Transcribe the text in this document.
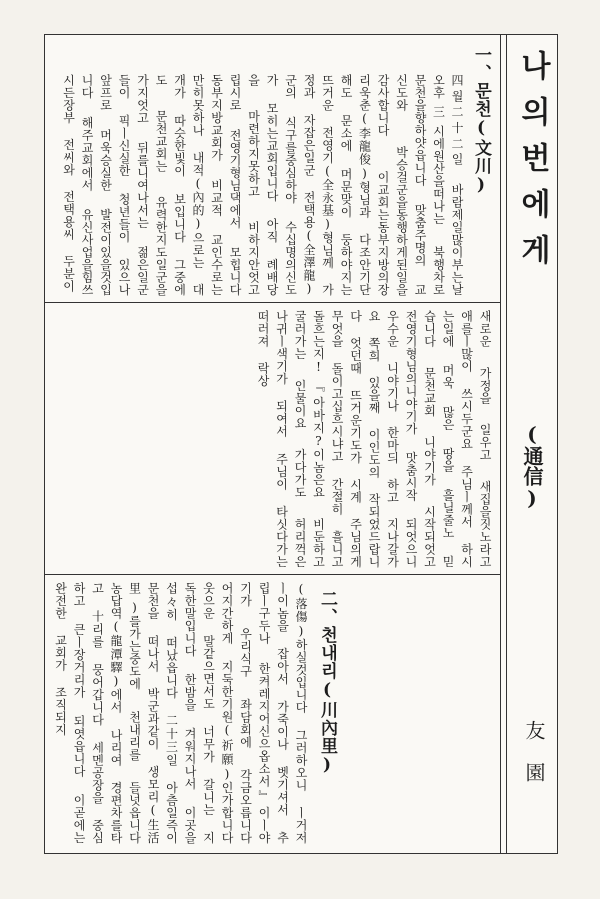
나의번에게
(通信)
友園
一、문천(文川)
四월二十二일 바람제일많이부는날 오후三시에원산을떠나는 북행차로 문천을향하얏읍니다 맞춤주명의 교신도와 박승걸군을동행하게된일을 감사합니다 이교회는동부지방의장 리욱춘(李龍俊)형님과 다조안기단해도 문소에 머문맞이 둥하야지는 뜨거운 전영기(全永基)형님께 가정과 자잡은일군 전택용(全澤龍)군의 식구를중심하야 수십명의신도가 모히는교회입니다 아직 례배당을 마련하지못하고 비하지안엇고 립시로 전영기형님댁에서 모힙니다 동부지방교회가 비교적 교인수로는 만히못하나 내적(內的)으로는 대개가 따슷한빛이 보입니다 그중에도 문천교회는 유력한지도일군을 가지엇고 뒤를니여나서는 젊은일군들이 픽ㅣ신실한 청년들이 있으나 앞프로 머욱승실한 발전이있을것입니다 해주교회에서 유신사업을힘쓰시든장부 전씨와 전택용씨 두분이
새로운 가정을 일우고 새집을짓노라고 애를ㅣ많이 쓰시두군요 주님ㅣ께서 하시는일에 머욱 많은 땅을 흘닐줄노 믿습니다 문천교회 니야기가 시작되엇고 전영기형님의니야기가 맛춤시작 되엇으니 우수운 니야기나 한마듸 하고 지나갈가요 쪽희 있을째 이인도의 작되었드랍니다 엇던때 뜨거운기도가 시계 주님의게 무엇을 돌이고십흐시냐고 간절히 흘니고 돌흐는지!『아바지?이놈은요 비둔하고 굴러가는 인물이요 가다가도 허리꺽은 나귀ㅣ색기가 되여서 주님이 타싯다가는 떠러져 락상
二、천내리(川內里)
(落傷)하실것입니다 그러하오니 ㅣ거저ㅣ이놈을 잡아서 가죽이나 벳기셔서 추립ㅣ구두나 한켜레지어신으옵소서』이ㅣ야기가 우리식구 좌담회에 각금오릅니다 어지간하게 지둑한기원(祈願)인가합니다 웃으운 말같으면서도 너무가 갈니는 지독한말입니다 한밤을 겨워지나서 이곳을 섭々히 떠났읍니다 二十三일 아츰일즉이 문천을 떠나서 박군과같이 생모리(生活里)를가는중도에 천내리를 들넛읍니다 농답역(龍潭驛)에서 나리여 경편차를타고 十리를 뭉어갑니다 세멘공장을 중심하고 큰ㅣ장거리가 되엿읍니다 이곧에는 완전한 교회가 조직되지
